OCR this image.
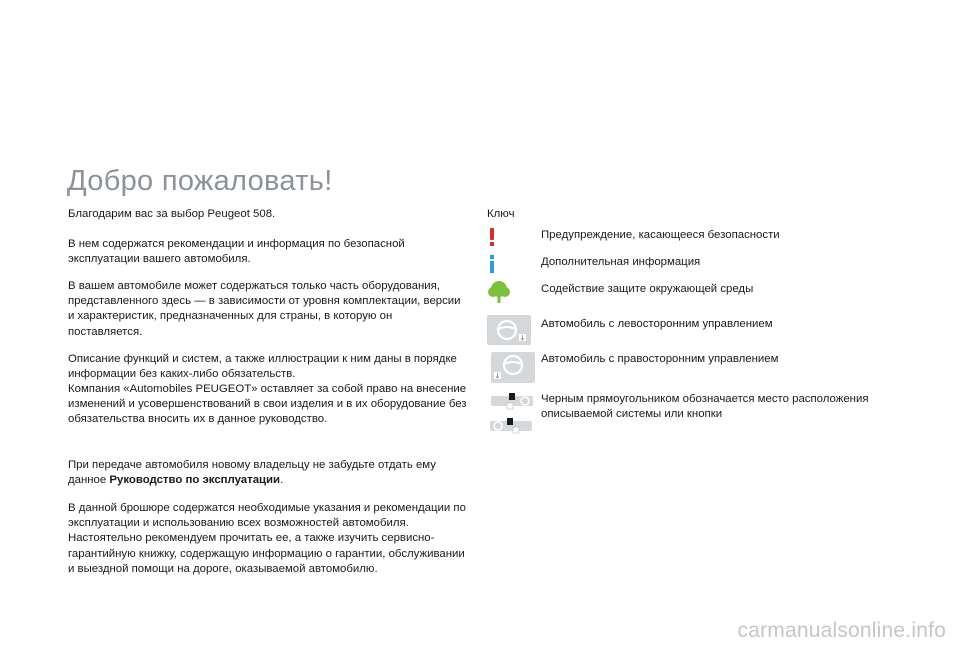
Добро пожаловать!

Благодарим вас за выбор Peugeot 508.

В нем содержатся рекомендации и информация по безопасной эксплуатации вашего автомобиля.

В вашем автомобиле может содержаться только часть оборудования, представленного здесь — в зависимости от уровня комплектации, версии и характеристик, предназначенных для страны, в которую он поставляется.

Описание функций и систем, а также иллюстрации к ним даны в порядке информации без каких-либо обязательств.

Компания «Automobiles PEUGEOT» оставляет за собой право на внесение изменений и усовершенствований в свои изделия и в их оборудование без обязательства вносить их в данное руководство.

При передаче автомобиля новому владельцу не забудьте отдать ему данное Руководство по эксплуатации.

В данной брошюре содержатся необходимые указания и рекомендации по эксплуатации и использованию всех возможностей автомобиля. Настоятельно рекомендуем прочитать ее, а также изучить сервисно-гарантийную книжку, содержащую информацию о гарантии, обслуживании и выездной помощи на дороге, оказываемой автомобилю.

Ключ

Предупреждение, касающееся безопасности
Дополнительная информация
Содействие защите окружающей среды
Автомобиль с левосторонним управлением
Автомобиль с правосторонним управлением
Черным прямоугольником обозначается место расположения описываемой системы или кнопки
carmanualsonline.info
